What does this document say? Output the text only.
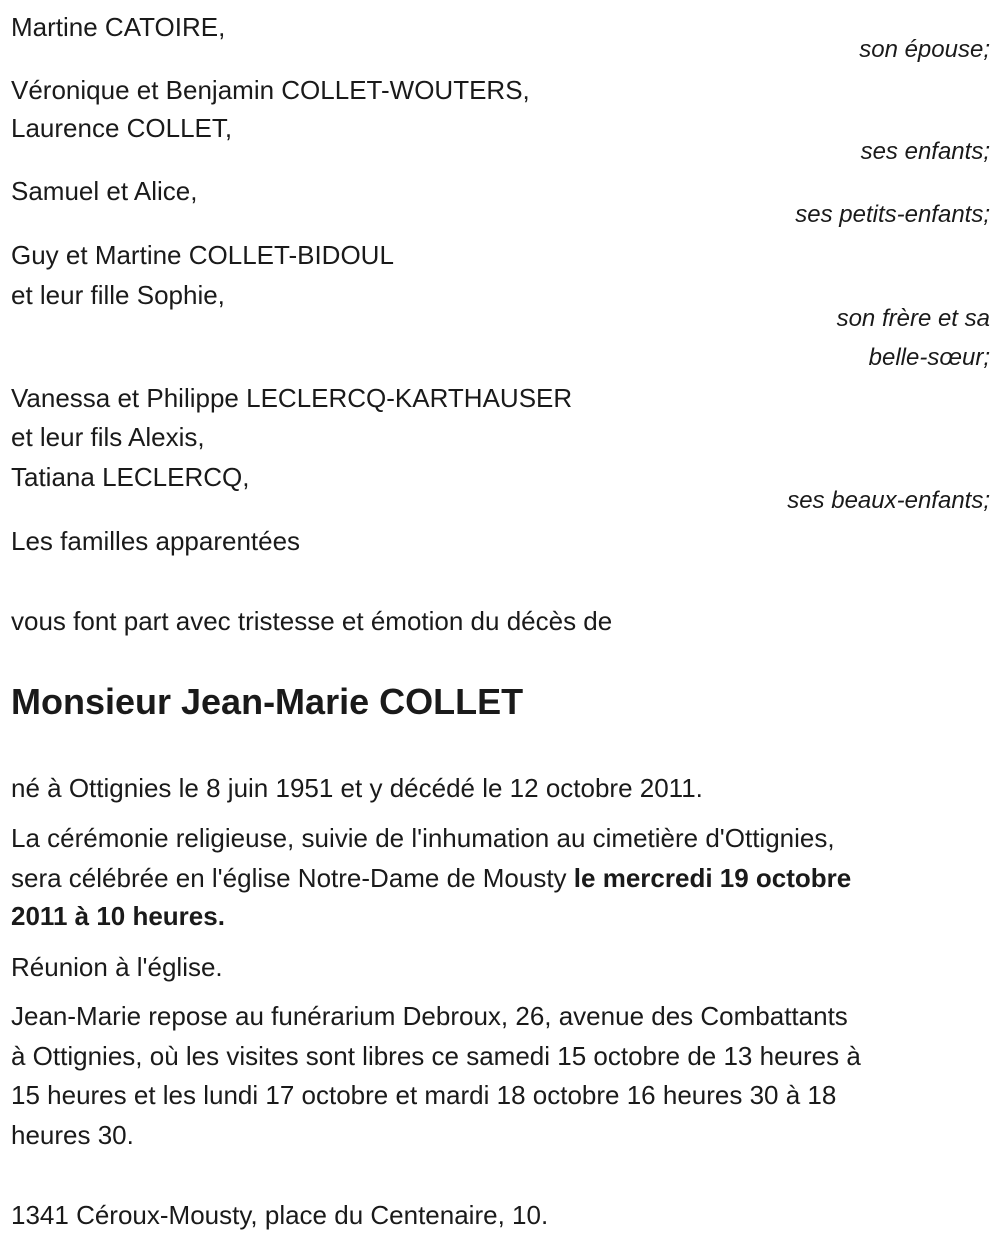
Martine CATOIRE,
son épouse;
Véronique et Benjamin COLLET-WOUTERS,
Laurence COLLET,
ses enfants;
Samuel et Alice,
ses petits-enfants;
Guy et Martine COLLET-BIDOUL
et leur fille Sophie,
son frère et sa
belle-sœur;
Vanessa et Philippe LECLERCQ-KARTHAUSER
et leur fils Alexis,
Tatiana LECLERCQ,
ses beaux-enfants;
Les familles apparentées
vous font part avec tristesse et émotion du décès de
Monsieur Jean-Marie COLLET
né à Ottignies le 8 juin 1951 et y décédé le 12 octobre 2011.
La cérémonie religieuse, suivie de l'inhumation au cimetière d'Ottignies,
sera célébrée en l'église Notre-Dame de Mousty le mercredi 19 octobre
2011 à 10 heures.
Réunion à l'église.
Jean-Marie repose au funérarium Debroux, 26, avenue des Combattants
à Ottignies, où les visites sont libres ce samedi 15 octobre de 13 heures à
15 heures et les lundi 17 octobre et mardi 18 octobre 16 heures 30 à 18
heures 30.
1341 Céroux-Mousty, place du Centenaire, 10.
